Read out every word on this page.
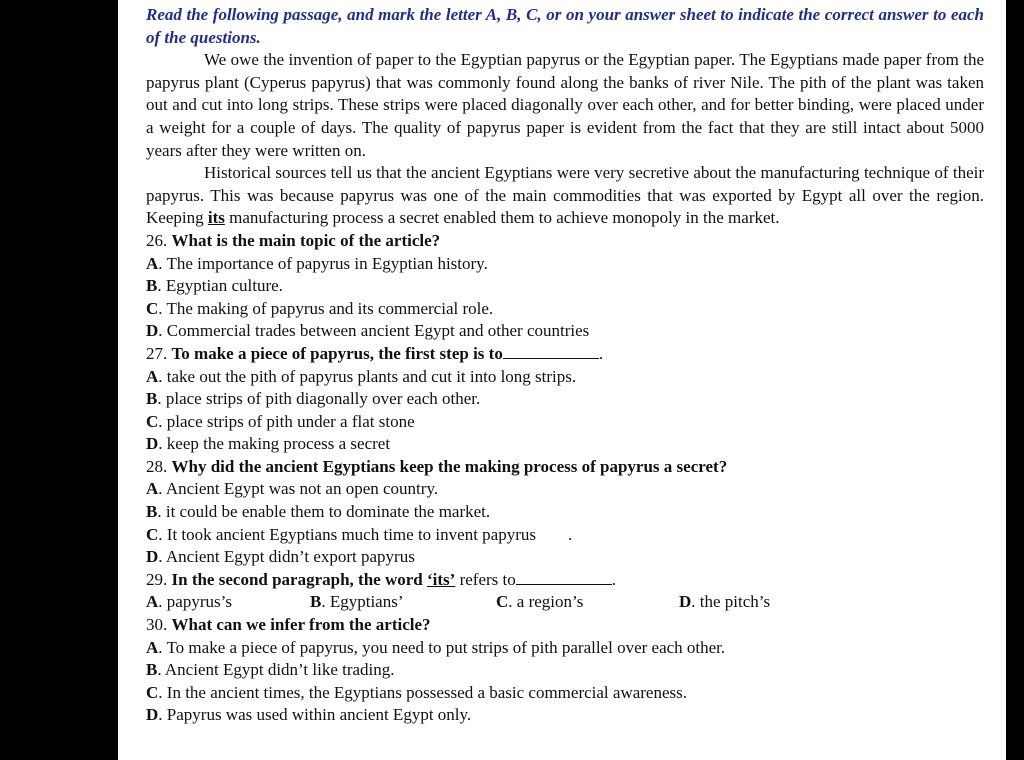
Read the following passage, and mark the letter A, B, C, or on your answer sheet to indicate the correct answer to each of the questions.

We owe the invention of paper to the Egyptian papyrus or the Egyptian paper. The Egyptians made paper from the papyrus plant (Cyperus papyrus) that was commonly found along the banks of river Nile. The pith of the plant was taken out and cut into long strips. These strips were placed diagonally over each other, and for better binding, were placed under a weight for a couple of days. The quality of papyrus paper is evident from the fact that they are still intact about 5000 years after they were written on.

Historical sources tell us that the ancient Egyptians were very secretive about the manufacturing technique of their papyrus. This was because papyrus was one of the main commodities that was exported by Egypt all over the region. Keeping its manufacturing process a secret enabled them to achieve monopoly in the market.

26. What is the main topic of the article?

A. The importance of papyrus in Egyptian history.

B. Egyptian culture.

C. The making of papyrus and its commercial role.

D. Commercial trades between ancient Egypt and other countries

27. To make a piece of papyrus, the first step is to	.

A. take out the pith of papyrus plants and cut it into long strips.

B. place strips of pith diagonally over each other.

C. place strips of pith under a flat stone

D. keep the making process a secret

28. Why did the ancient Egyptians keep the making process of papyrus a secret?

A. Ancient Egypt was not an open country.

B. it could be enable them to dominate the market.

C. It took ancient Egyptians much time to invent papyrus .

D. Ancient Egypt didn’t export papyrus

29. In the second paragraph, the word ‘its’ refers to	.

A. papyrus’s	B. Egyptians’	C. a region’s	D. the pitch’s

30. What can we infer from the article?

A. To make a piece of papyrus, you need to put strips of pith parallel over each other.

B. Ancient Egypt didn’t like trading.

C. In the ancient times, the Egyptians possessed a basic commercial awareness.

D. Papyrus was used within ancient Egypt only.
